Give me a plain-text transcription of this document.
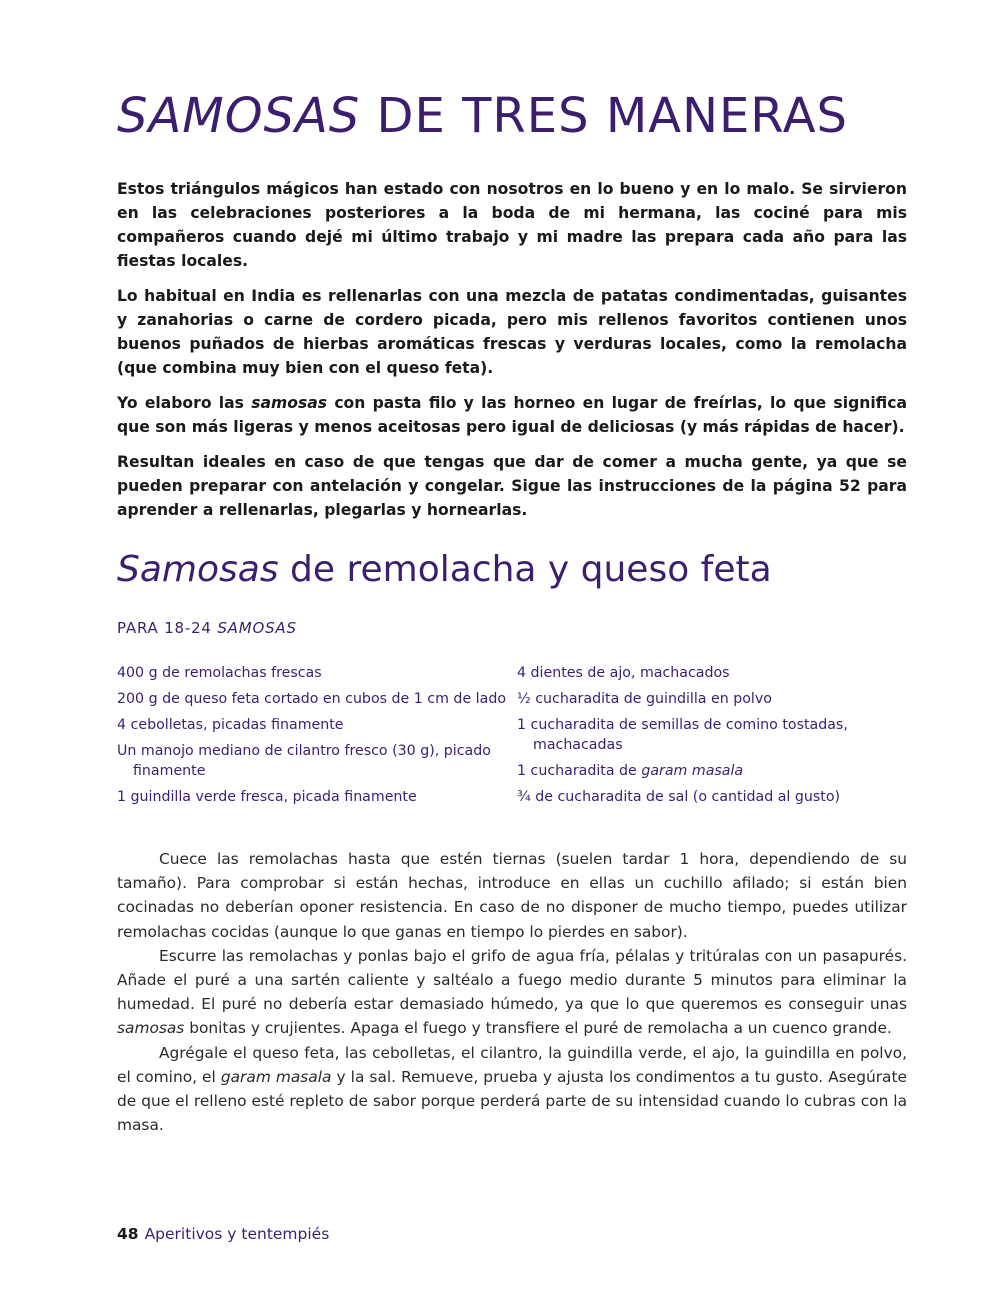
SAMOSAS DE TRES MANERAS

Estos triángulos mágicos han estado con nosotros en lo bueno y en lo malo. Se sirvieron en las celebraciones posteriores a la boda de mi hermana, las cociné para mis compañeros cuando dejé mi último trabajo y mi madre las prepara cada año para las fiestas locales.

Lo habitual en India es rellenarlas con una mezcla de patatas condimentadas, guisantes y zanahorias o carne de cordero picada, pero mis rellenos favoritos contienen unos buenos puñados de hierbas aromáticas frescas y verduras locales, como la remolacha (que combina muy bien con el queso feta).

Yo elaboro las samosas con pasta filo y las horneo en lugar de freírlas, lo que significa que son más ligeras y menos aceitosas pero igual de deliciosas (y más rápidas de hacer).

Resultan ideales en caso de que tengas que dar de comer a mucha gente, ya que se pueden preparar con antelación y congelar. Sigue las instrucciones de la página 52 para aprender a rellenarlas, plegarlas y hornearlas.

Samosas de remolacha y queso feta
PARA 18-24 SAMOSAS
400 g de remolachas frescas
200 g de queso feta cortado en cubos de 1 cm de lado
4 cebolletas, picadas finamente
Un manojo mediano de cilantro fresco (30 g), picado finamente
1 guindilla verde fresca, picada finamente
4 dientes de ajo, machacados
½ cucharadita de guindilla en polvo
1 cucharadita de semillas de comino tostadas, machacadas
1 cucharadita de garam masala
¾ de cucharadita de sal (o cantidad al gusto)

Cuece las remolachas hasta que estén tiernas (suelen tardar 1 hora, dependiendo de su tamaño). Para comprobar si están hechas, introduce en ellas un cuchillo afilado; si están bien cocinadas no deberían oponer resistencia. En caso de no disponer de mucho tiempo, puedes utilizar remolachas cocidas (aunque lo que ganas en tiempo lo pierdes en sabor).

Escurre las remolachas y ponlas bajo el grifo de agua fría, pélalas y tritúralas con un pasapurés. Añade el puré a una sartén caliente y saltéalo a fuego medio durante 5 minutos para eliminar la humedad. El puré no debería estar demasiado húmedo, ya que lo que queremos es conseguir unas samosas bonitas y crujientes. Apaga el fuego y transfiere el puré de remolacha a un cuenco grande.

Agrégale el queso feta, las cebolletas, el cilantro, la guindilla verde, el ajo, la guindilla en polvo, el comino, el garam masala y la sal. Remueve, prueba y ajusta los condimentos a tu gusto. Asegúrate de que el relleno esté repleto de sabor porque perderá parte de su intensidad cuando lo cubras con la masa.

48 Aperitivos y tentempiés
